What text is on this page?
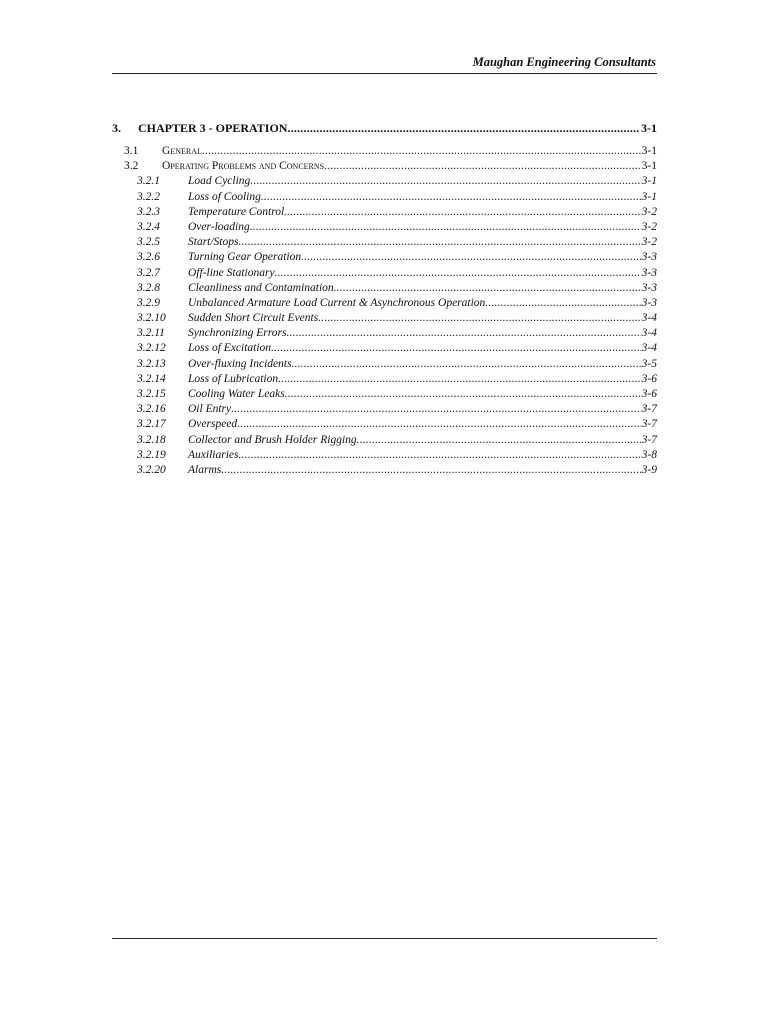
Maughan Engineering Consultants
3.	CHAPTER 3 - OPERATION .....	3-1
3.1	General .....	3-1
3.2	Operating Problems and Concerns .....	3-1
3.2.1	Load Cycling .....	3-1
3.2.2	Loss of Cooling .....	3-1
3.2.3	Temperature Control .....	3-2
3.2.4	Over-loading .....	3-2
3.2.5	Start/Stops .....	3-2
3.2.6	Turning Gear Operation .....	3-3
3.2.7	Off-line Stationary .....	3-3
3.2.8	Cleanliness and Contamination .....	3-3
3.2.9	Unbalanced Armature Load Current & Asynchronous Operation .....	3-3
3.2.10	Sudden Short Circuit Events .....	3-4
3.2.11	Synchronizing Errors .....	3-4
3.2.12	Loss of Excitation .....	3-4
3.2.13	Over-fluxing Incidents .....	3-5
3.2.14	Loss of Lubrication .....	3-6
3.2.15	Cooling Water Leaks .....	3-6
3.2.16	Oil Entry .....	3-7
3.2.17	Overspeed .....	3-7
3.2.18	Collector and Brush Holder Rigging .....	3-7
3.2.19	Auxiliaries .....	3-8
3.2.20	Alarms .....	3-9
